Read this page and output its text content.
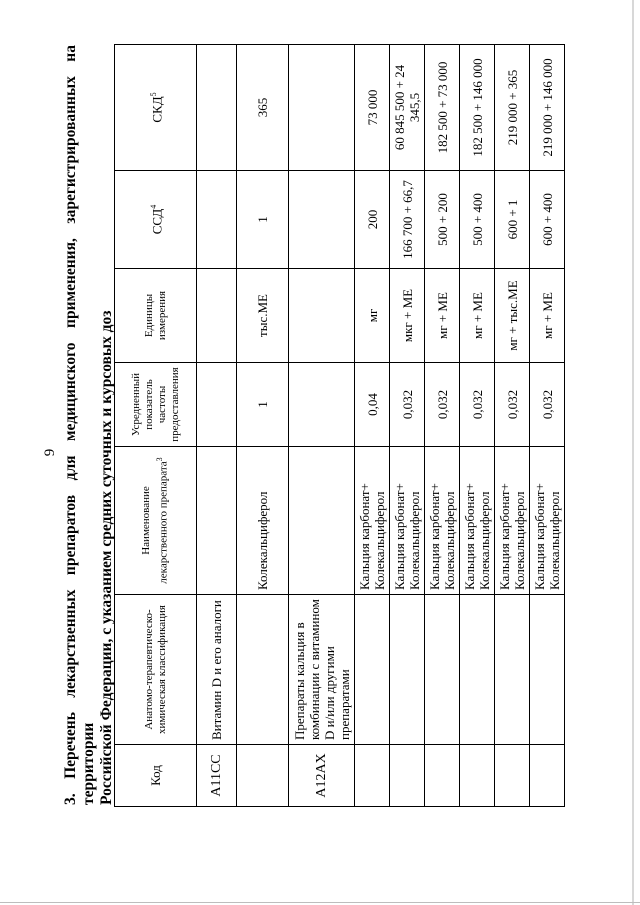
9 3. Перечень лекарственных препаратов для медицинского применения, зарегистрированных на территории Российской Федерации, с указанием средних суточных и курсовых доз	Код	Анатомо-терапевтическо-химическая классификация	Наименование лекарственного препарата$^3$	Усредненный показатель частоты предоставления	Единицы измерения	ССД$^4$	СКД$^5$
A11CC	Витамин D и его аналоги					
		Колекальциферол	1	тыс.МЕ	1	365
A12AX	Препараты кальция в комбинации с витамином D и/или другими препаратами					
		Кальция карбонат+ Колекальциферол	0,04	мг	200	73 000
		Кальция карбонат+ Колекальциферол	0,032	мкг + МЕ	166 700 + 66,7	60 845 500 + 24 345,5
		Кальция карбонат+ Колекальциферол	0,032	мг + МЕ	500 + 200	182 500 + 73 000
		Кальция карбонат+ Колекальциферол	0,032	мг + МЕ	500 + 400	182 500 + 146 000
		Кальция карбонат+ Колекальциферол	0,032	мг + тыс.МЕ	600 + 1	219 000 + 365
		Кальция карбонат+ Колекальциферол	0,032	мг + МЕ	600 + 400	219 000 + 146 000
